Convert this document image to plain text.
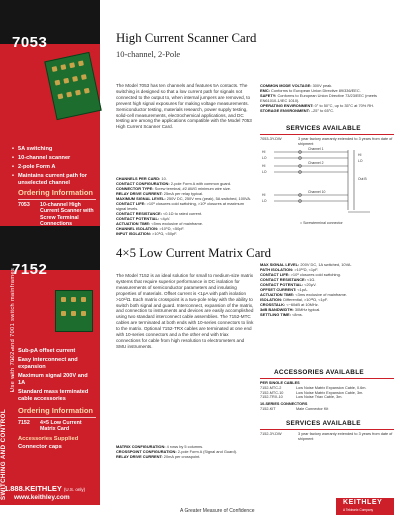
7053
7152
SWITCHING AND CONTROL
Use with 7002 and 7001 switch mainframes
• 5A switching
• 10-channel scanner
• 2-pole Form A
• Maintains current path for unselected channel
Ordering Information
7053	10-channel High Current Scanner with Screw Terminal Connections
• Sub-pA offset current
• Easy interconnect and expansion
• Maximum signal 200V and 1A
• Standard mass terminated cable accessories
Ordering Information
7152	4×5 Low Current Matrix Card
Accessories Supplied
Connector caps
1.888.KEITHLEY (U.S. only)
www.keithley.com
High Current Scanner Card
10-channel, 2-Pole
The Model 7053 has ten channels and features 5A contacts. The switching is designed so that a low current path for signals not connected to the output to, when internal jumpers are removed, to prevent high signal exposures for making voltage measurements. Semiconductor testing, materials research, power supply testing, solid-cell measurements, electrochemical applications, and DC testing are among the applications compatible with the Model 7053 High Current Scanner Card.
CHANNELS PER CARD: 10.
CONTACT CONFIGURATION: 2-pole Form A with common guard.
CONNECTOR TYPE: Screw terminal, #2 AWG minimum wire size.
RELAY DRIVE CURRENT: 25mA per relay typical.
MAXIMUM SIGNAL LEVEL: 250V DC, 250V rms (peak), 5A switched, 100VA.
CONTACT LIFE: >10⁸ closures cold switching, >10⁵ closures at maximum signal levels.
CONTACT RESISTANCE: <0.1Ω to rated current.
CONTACT POTENTIAL: <4μV.
ACTUATION TIME: <5ms exclusive of mainframe.
CHANNEL ISOLATION: >10⁹Ω, <50pF.
INPUT ISOLATION: >10⁹Ω, <50pF.
COMMON MODE VOLTAGE: 300V peak.
EMC: Conforms to European Union Directive 89/336/EEC.
SAFETY: Conforms to European Union Directive 73/23/EEC (meets EN61010-1/IEC 1010).
OPERATING ENVIRONMENT: 0° to 50°C, up to 35°C at 70% RH.
STORAGE ENVIRONMENT: –25° to 65°C.
SERVICES AVAILABLE
7053-3Y-DW	3 year factory warranty extended to 3 years from date of shipment
HI
LO
HI
LO
HI
LO
Channel 1
Channel 2
Channel 10
HI
LO
Out B
= Screwterminal connector
4×5 Low Current Matrix Card
The Model 7152 is an ideal solution for small to medium-size matrix systems that require superior performance in DC isolation for measurements of semiconductor parameters and insulating properties of materials. Offset current is <1pA with path isolation >10¹²Ω. Each matrix crosspoint is a two-pole relay with the ability to switch both signal and guard. Interconnect, expansion of the matrix, and connection to instruments and devices are easily accomplished using two standard interconnect cable assemblies. The 7152-MTC cables are terminated at both ends with 10-series connectors to link to the matrix. Optional 7152-TRX cables are terminated at one end with 10-series connectors and a the other end with triax connections for cable from high resolution to electrometers and SMU instruments.
MATRIX CONFIGURATION: 4 rows by 5 columns.
CROSSPOINT CONFIGURATION: 2-pole Form A (Signal and Guard).
RELAY DRIVE CURRENT: 20mA per crosspoint.
MAX SIGNAL LEVEL: 200V DC, 1A switched, 10VA.
PATH ISOLATION: >10¹²Ω, <1pF.
CONTACT LIFE: >10⁸ closures cold switching.
CONTACT RESISTANCE: <1Ω.
CONTACT POTENTIAL: <20μV.
OFFSET CURRENT: <1pA.
ACTUATION TIME: <3ms exclusive of mainframe.
ISOLATION: Differential, >10¹²Ω, <1pF.
CROSSTALK: <−60dB at 10MHz.
3dB BANDWIDTH: 30MHz typical.
SETTLING TIME: <8ms.
ACCESSORIES AVAILABLE
PER SINGLE CABLES
7152-MTC-2	Low Noise Matrix Expansion Cable, 0.6m.
7152-MTC-10	Low Noise Matrix Expansion Cable, 3m.
7152-TRX-10	Low Noise Triax Cable, 3m.
10-SERIES CONNECTORS
7152-KIT	Male Connector Kit
SERVICES AVAILABLE
7152-3Y-DW	3 year factory warranty extended to 3 years from date of shipment
A Greater Measure of Confidence
KEITHLEY
A Tektronix Company
